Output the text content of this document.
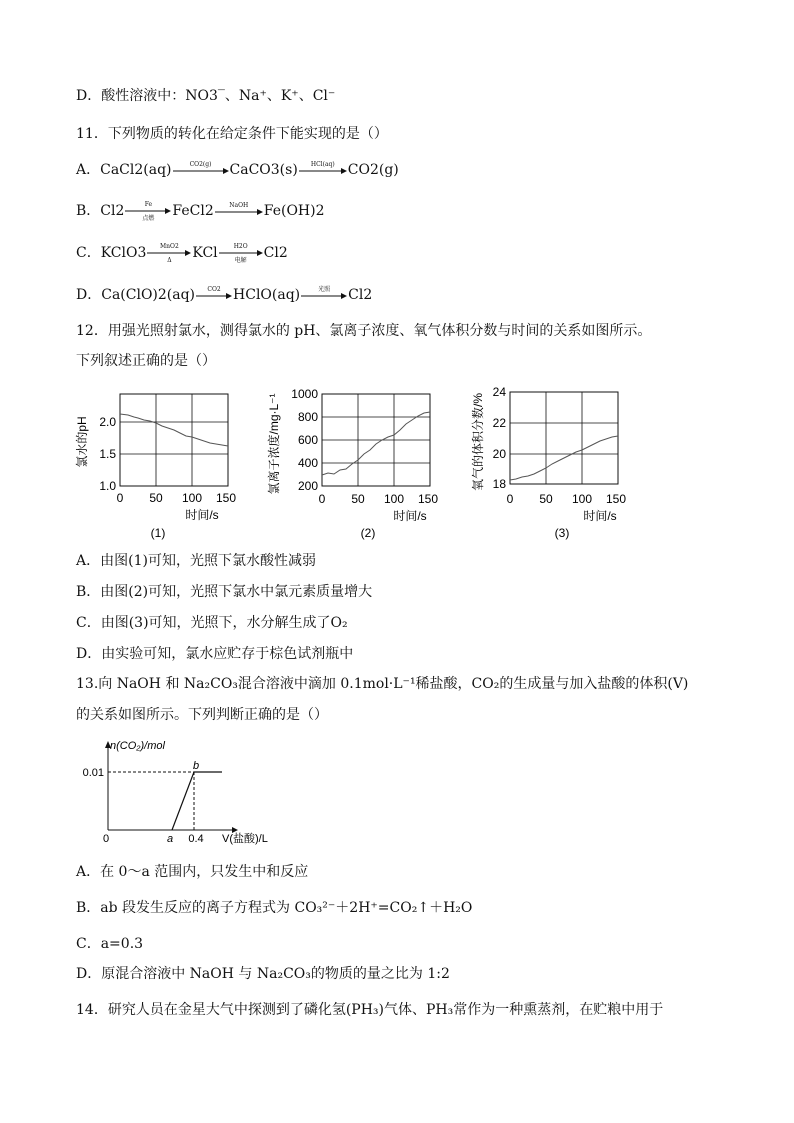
D．酸性溶液中：NO3‾、Na⁺、K⁺、Cl⁻
11．下列物质的转化在给定条件下能实现的是（）
A．CaCl2(aq)	CO2(g)	CaCO3(s)	HCl(aq) CO2(g)
B．Cl2	Fe
点燃	FeCl2	NaOH	Fe(OH)2
C．KClO3	MnO2
Δ	KCl	H2O
电解	Cl2
D．Ca(ClO)2(aq)	CO2 HClO(aq)	光照	Cl2
12．用强光照射氯水，测得氯水的 pH、氯离子浓度、氧气体积分数与时间的关系如图所示。
下列叙述正确的是（）
氯水的pH 2.0
1.5
1.0
0 50 100 150
时间/s
(1)
氯离子浓度/mg·L⁻¹ 1000
800
600
400
200
0 50 100 150
时间/s
(2)
氧气的体积分数/%
24
22
20
18
0 50 100 150
时间/s
(3)
A．由图(1)可知，光照下氯水酸性减弱
B．由图(2)可知，光照下氯水中氯元素质量增大
C．由图(3)可知，光照下，水分解生成了O₂
D．由实验可知，氯水应贮存于棕色试剂瓶中
13.向 NaOH 和 Na₂CO₃混合溶液中滴加 0.1mol·L⁻¹稀盐酸，CO₂的生成量与加入盐酸的体积(V)
的关系如图所示。下列判断正确的是（）
n(CO₂)/mol
0.01
0	a 0.4
b
V(盐酸)/L
A．在 0～a 范围内，只发生中和反应
B．ab 段发生反应的离子方程式为 CO₃²⁻＋2H⁺=CO₂↑＋H₂O
C．a=0.3
D．原混合溶液中 NaOH 与 Na₂CO₃的物质的量之比为 1:2
14．研究人员在金星大气中探测到了磷化氢(PH₃)气体、PH₃常作为一种熏蒸剂，在贮粮中用于
